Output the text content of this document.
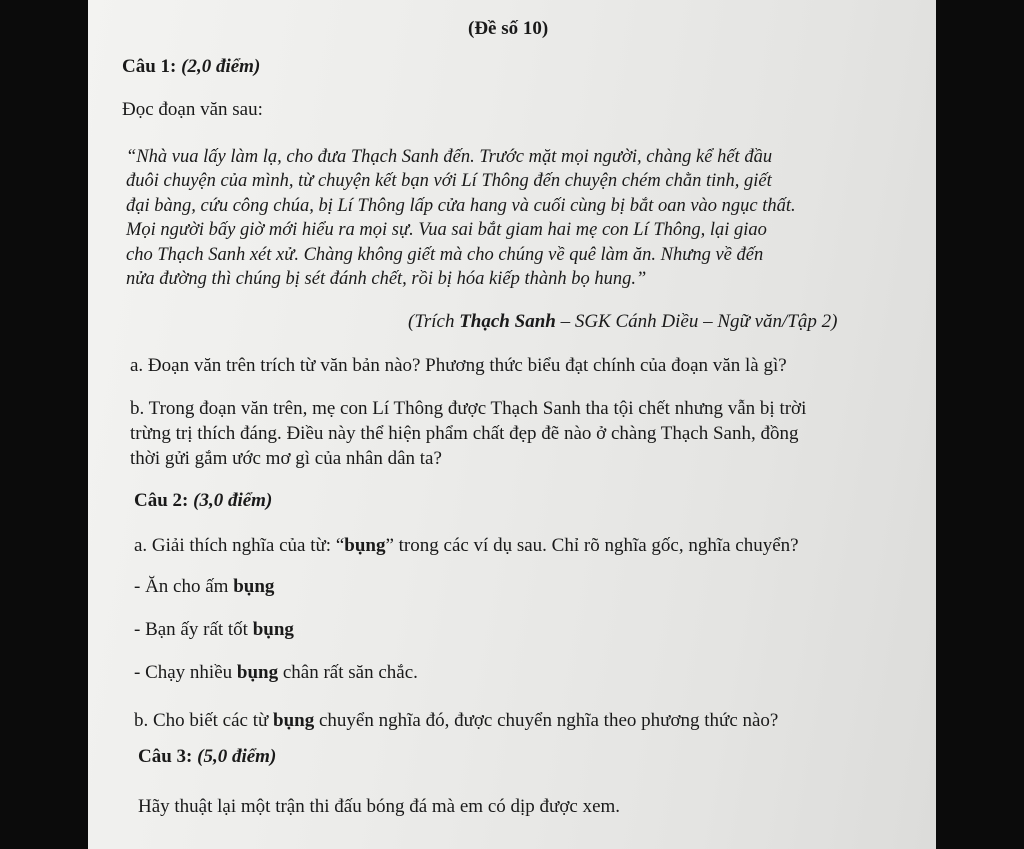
(Đề số 10)
Câu 1: (2,0 điểm)
Đọc đoạn văn sau:
“Nhà vua lấy làm lạ, cho đưa Thạch Sanh đến. Trước mặt mọi người, chàng kể hết đầu
đuôi chuyện của mình, từ chuyện kết bạn với Lí Thông đến chuyện chém chằn tinh, giết
đại bàng, cứu công chúa, bị Lí Thông lấp cửa hang và cuối cùng bị bắt oan vào ngục thất.
Mọi người bấy giờ mới hiểu ra mọi sự. Vua sai bắt giam hai mẹ con Lí Thông, lại giao
cho Thạch Sanh xét xử. Chàng không giết mà cho chúng về quê làm ăn. Nhưng về đến
nửa đường thì chúng bị sét đánh chết, rồi bị hóa kiếp thành bọ hung.”
(Trích Thạch Sanh – SGK Cánh Diều – Ngữ văn/Tập 2)
a. Đoạn văn trên trích từ văn bản nào? Phương thức biểu đạt chính của đoạn văn là gì?
b. Trong đoạn văn trên, mẹ con Lí Thông được Thạch Sanh tha tội chết nhưng vẫn bị trời
trừng trị thích đáng. Điều này thể hiện phẩm chất đẹp đẽ nào ở chàng Thạch Sanh, đồng
thời gửi gắm ước mơ gì của nhân dân ta?
Câu 2: (3,0 điểm)
a. Giải thích nghĩa của từ: “bụng” trong các ví dụ sau. Chỉ rõ nghĩa gốc, nghĩa chuyển?
- Ăn cho ấm bụng
- Bạn ấy rất tốt bụng
- Chạy nhiều bụng chân rất săn chắc.
b. Cho biết các từ bụng chuyển nghĩa đó, được chuyển nghĩa theo phương thức nào?
Câu 3: (5,0 điểm)
Hãy thuật lại một trận thi đấu bóng đá mà em có dịp được xem.
